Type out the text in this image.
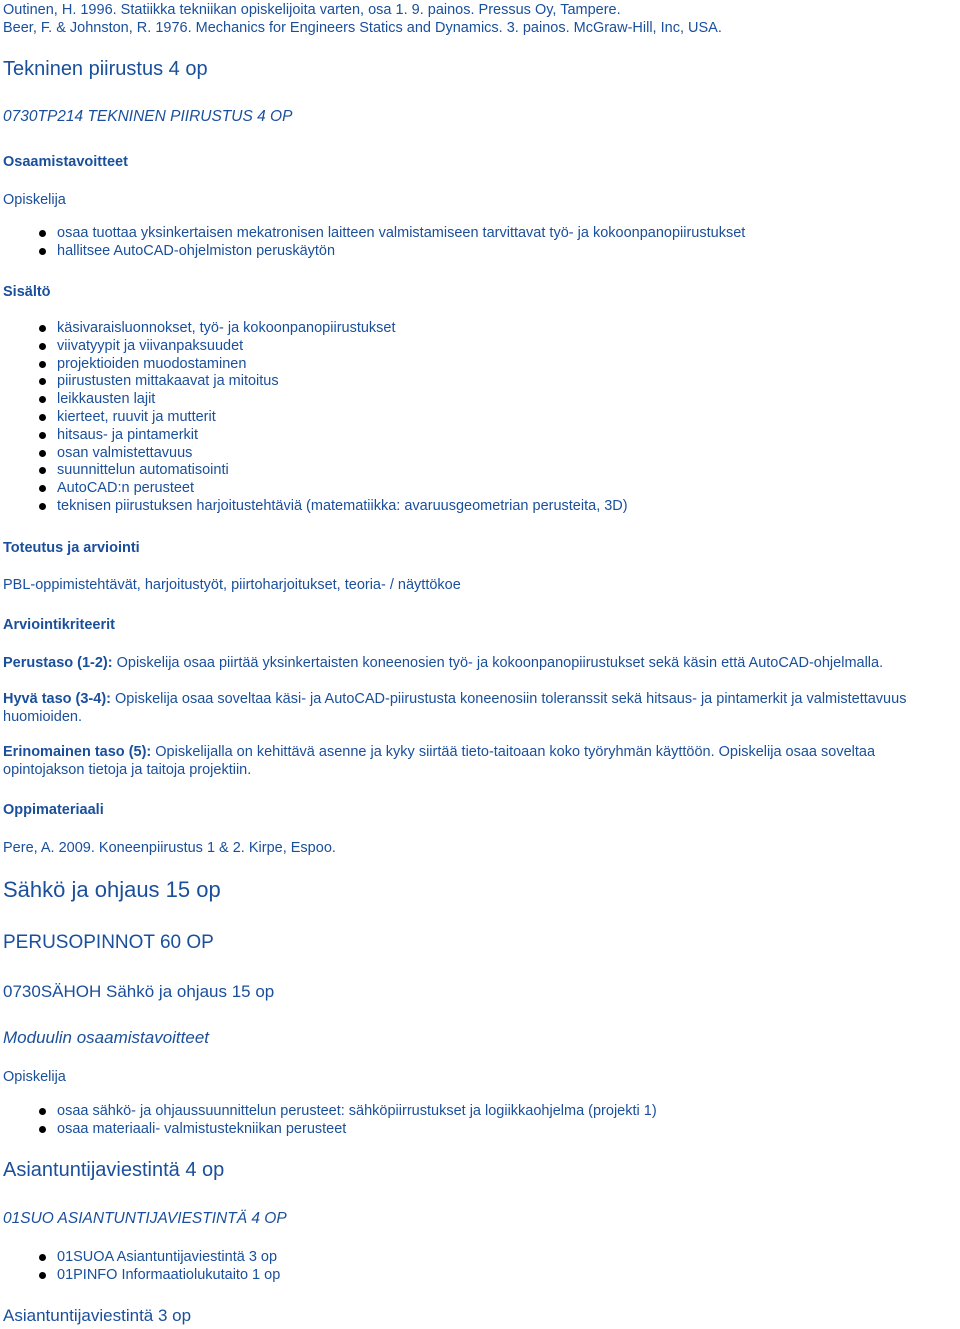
Outinen, H. 1996. Statiikka tekniikan opiskelijoita varten, osa 1. 9. painos. Pressus Oy, Tampere.

Beer, F. & Johnston, R. 1976. Mechanics for Engineers Statics and Dynamics. 3. painos. McGraw-Hill, Inc, USA.

Tekninen piirustus 4 op
0730TP214 TEKNINEN PIIRUSTUS 4 OP

Osaamistavoitteet

Opiskelija

osaa tuottaa yksinkertaisen mekatronisen laitteen valmistamiseen tarvittavat työ- ja kokoonpanopiirustukset
hallitsee AutoCAD-ohjelmiston peruskäytön

Sisältö

käsivaraisluonnokset, työ- ja kokoonpanopiirustukset
viivatyypit ja viivanpaksuudet
projektioiden muodostaminen
piirustusten mittakaavat ja mitoitus
leikkausten lajit
kierteet, ruuvit ja mutterit
hitsaus- ja pintamerkit
osan valmistettavuus
suunnittelun automatisointi
AutoCAD:n perusteet
teknisen piirustuksen harjoitustehtäviä (matematiikka: avaruusgeometrian perusteita, 3D)

Toteutus ja arviointi

PBL-oppimistehtävät, harjoitustyöt, piirtoharjoitukset, teoria- / näyttökoe

Arviointikriteerit

Perustaso (1-2): Opiskelija osaa piirtää yksinkertaisten koneenosien työ- ja kokoonpanopiirustukset sekä käsin että AutoCAD-ohjelmalla.

Hyvä taso (3-4): Opiskelija osaa soveltaa käsi- ja AutoCAD-piirustusta koneenosiin toleranssit sekä hitsaus- ja pintamerkit ja valmistettavuus huomioiden.

Erinomainen taso (5): Opiskelijalla on kehittävä asenne ja kyky siirtää tieto-taitoaan koko työryhmän käyttöön. Opiskelija osaa soveltaa opintojakson tietoja ja taitoja projektiin.

Oppimateriaali

Pere, A. 2009. Koneenpiirustus 1 & 2. Kirpe, Espoo.

Sähkö ja ohjaus 15 op
PERUSOPINNOT 60 OP
0730SÄHOH Sähkö ja ohjaus 15 op
Moduulin osaamistavoitteet

Opiskelija

osaa sähkö- ja ohjaussuunnittelun perusteet: sähköpiirrustukset ja logiikkaohjelma (projekti 1)
osaa materiaali- valmistustekniikan perusteet
Asiantuntijaviestintä 4 op
01SUO ASIANTUNTIJAVIESTINTÄ 4 OP
01SUOA Asiantuntijaviestintä 3 op
01PINFO Informaatiolukutaito 1 op
Asiantuntijaviestintä 3 op
